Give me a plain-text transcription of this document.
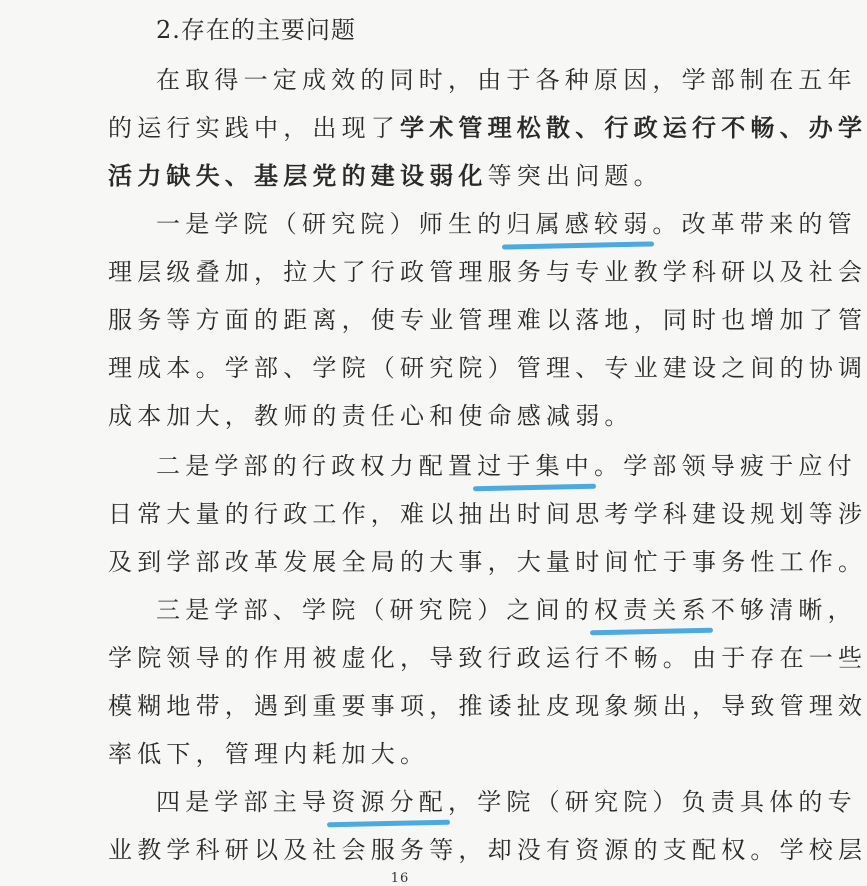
2.存在的主要问题
在取得一定成效的同时，由于各种原因，学部制在五年
的运行实践中，出现了学术管理松散、行政运行不畅、办学
活力缺失、基层党的建设弱化等突出问题。
一是学院（研究院）师生的归属感较弱。改革带来的管
理层级叠加，拉大了行政管理服务与专业教学科研以及社会
服务等方面的距离，使专业管理难以落地，同时也增加了管
理成本。学部、学院（研究院）管理、专业建设之间的协调
成本加大，教师的责任心和使命感减弱。
二是学部的行政权力配置过于集中。学部领导疲于应付
日常大量的行政工作，难以抽出时间思考学科建设规划等涉
及到学部改革发展全局的大事，大量时间忙于事务性工作。
三是学部、学院（研究院）之间的权责关系不够清晰，
学院领导的作用被虚化，导致行政运行不畅。由于存在一些
模糊地带，遇到重要事项，推诿扯皮现象频出，导致管理效
率低下，管理内耗加大。
四是学部主导资源分配，学院（研究院）负责具体的专
业教学科研以及社会服务等，却没有资源的支配权。学校层
16
